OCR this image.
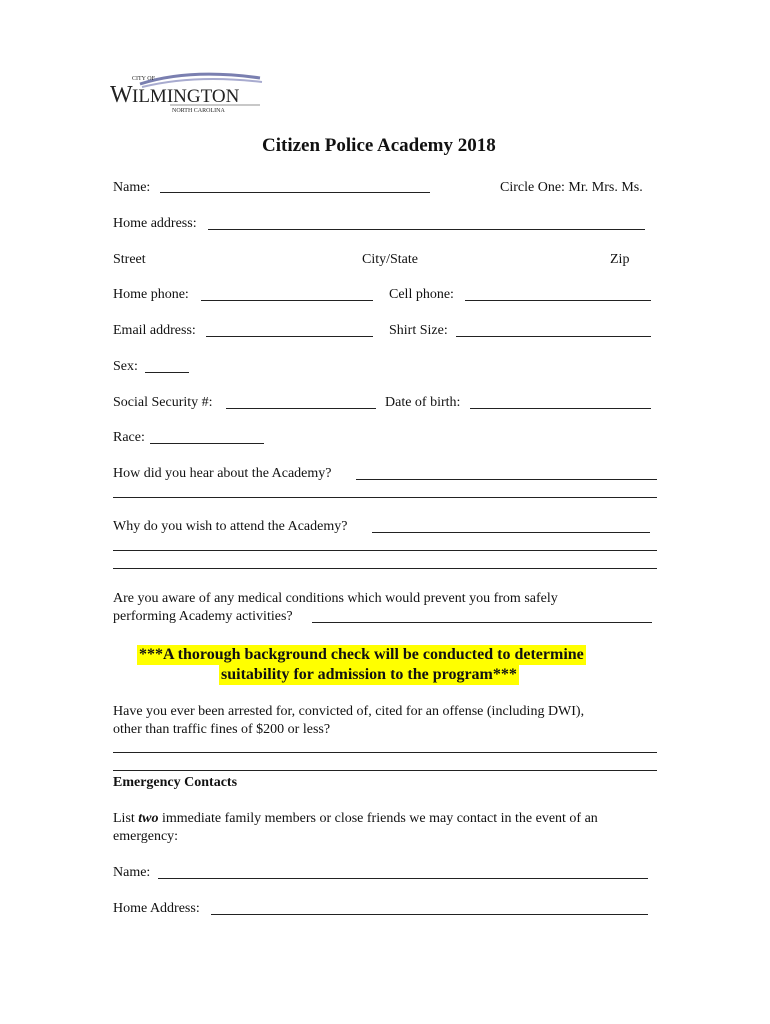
CITY OF
W ILMINGTON
NORTH CAROLINA
Citizen Police Academy 2018
Name:	Circle One: Mr. Mrs. Ms.
Home address:
Street	City/State	Zip
Home phone:	Cell phone:
Email address:	Shirt Size:
Sex:
Social Security #:	Date of birth:
Race:
How did you hear about the Academy?
Why do you wish to attend the Academy?
Are you aware of any medical conditions which would prevent you from safely
performing Academy activities?
***A thorough background check will be conducted to determine
suitability for admission to the program***
Have you ever been arrested for, convicted of, cited for an offense (including DWI),
other than traffic fines of $200 or less?
Emergency Contacts
List two immediate family members or close friends we may contact in the event of an
emergency:
Name:
Home Address:
